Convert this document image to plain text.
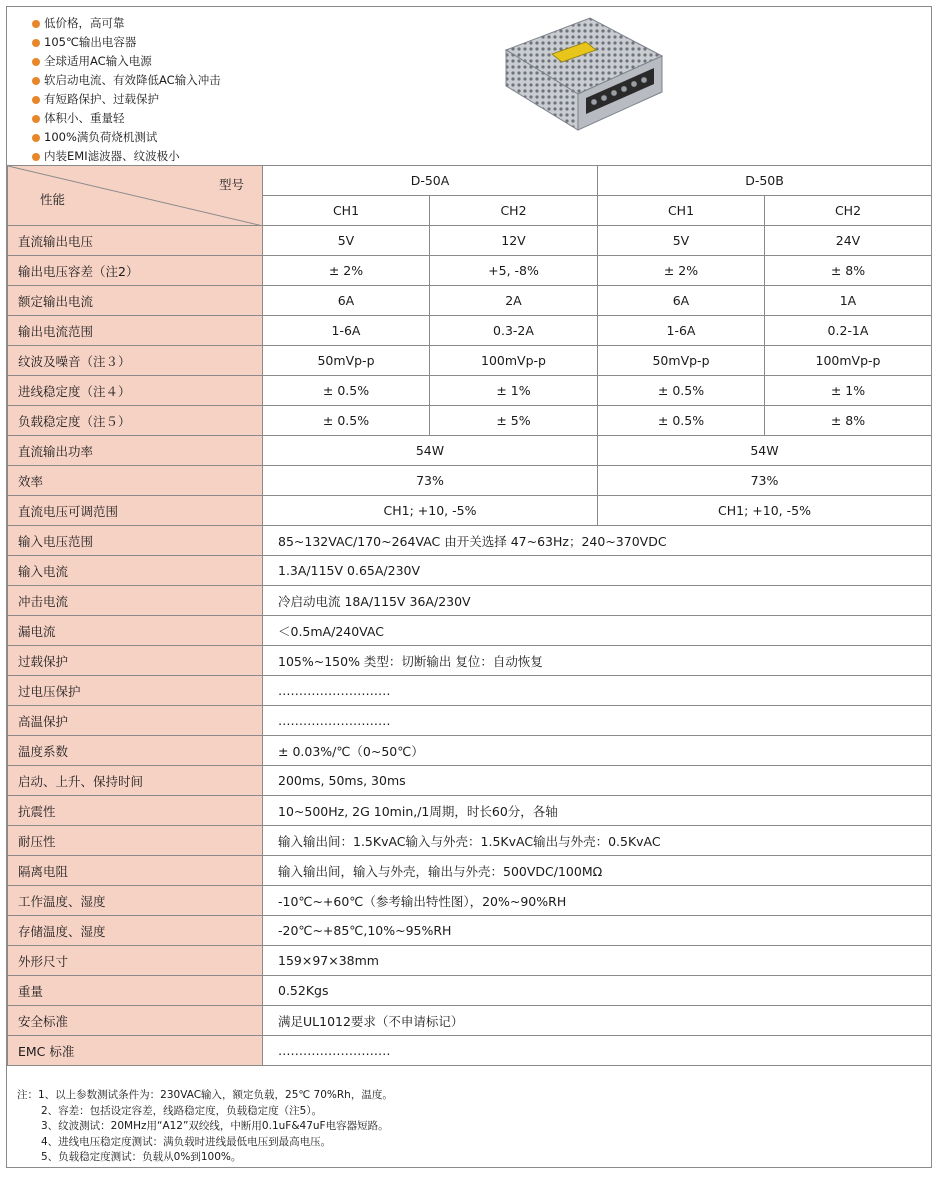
低价格，高可靠
105℃输出电容器
全球适用AC输入电源
软启动电流、有效降低AC输入冲击
有短路保护、过载保护
体积小、重量轻
100%满负荷烧机测试
内装EMI滤波器、纹波极小
型号
性能	D-50A		D-50B	
	CH1	CH2	CH1	CH2
直流输出电压	5V	12V	5V	24V
输出电压容差（注2）	± 2%	+5, -8%	± 2%	± 8%
额定输出电流	6A	2A	6A	1A
输出电流范围	1-6A	0.3-2A	1-6A	0.2-1A
纹波及噪音（注３）	50mVp-p	100mVp-p	50mVp-p	100mVp-p
进线稳定度（注４）	± 0.5%	± 1%	± 0.5%	± 1%
负载稳定度（注５）	± 0.5%	± 5%	± 0.5%	± 8%
直流输出功率	54W		54W	
效率	73%		73%	
直流电压可调范围	CH1; +10, -5%		CH1; +10, -5%	
输入电压范围	85~132VAC/170~264VAC 由开关选择 47~63Hz；240~370VDC			
输入电流	1.3A/115V 0.65A/230V			
冲击电流	冷启动电流 18A/115V 36A/230V			
漏电流	＜0.5mA/240VAC			
过载保护	105%~150% 类型：切断输出 复位：自动恢复			
过电压保护	………………………			
高温保护	………………………			
温度系数	± 0.03%/℃（0~50℃）			
启动、上升、保持时间	200ms, 50ms, 30ms			
抗震性	10~500Hz, 2G 10min,/1周期，时长60分，各轴			
耐压性	输入输出间：1.5KvAC输入与外壳：1.5KvAC输出与外壳：0.5KvAC			
隔离电阻	输入输出间，输入与外壳，输出与外壳：500VDC/100MΩ			
工作温度、湿度	-10℃~+60℃（参考输出特性图），20%~90%RH			
存储温度、湿度	-20℃~+85℃,10%~95%RH			
外形尺寸	159×97×38mm			
重量	0.52Kgs			
安全标准	满足UL1012要求（不申请标记）			
EMC 标准	………………………			
注：1、以上参数测试条件为：230VAC输入，额定负载，25℃ 70%Rh，温度。
2、容差：包括设定容差，线路稳定度，负载稳定度（注5）。
3、纹波测试：20MHz用“A12”双绞线，中断用0.1uF&47uF电容器短路。
4、进线电压稳定度测试：满负载时进线最低电压到最高电压。
5、负载稳定度测试：负载从0%到100%。
